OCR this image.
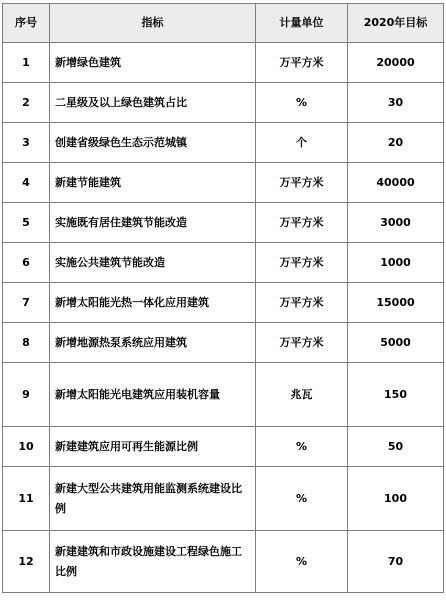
序号	指标	计量单位	2020年目标
1	新增绿色建筑	万平方米	20000
2	二星级及以上绿色建筑占比	%	30
3	创建省级绿色生态示范城镇	个	20
4	新建节能建筑	万平方米	40000
5	实施既有居住建筑节能改造	万平方米	3000
6	实施公共建筑节能改造	万平方米	1000
7	新增太阳能光热一体化应用建筑	万平方米	15000
8	新增地源热泵系统应用建筑	万平方米	5000
9	新增太阳能光电建筑应用装机容量	兆瓦	150
10	新建建筑应用可再生能源比例	%	50
11	新建大型公共建筑用能监测系统建设比例	%	100
12	新建建筑和市政设施建设工程绿色施工比例	%	70
